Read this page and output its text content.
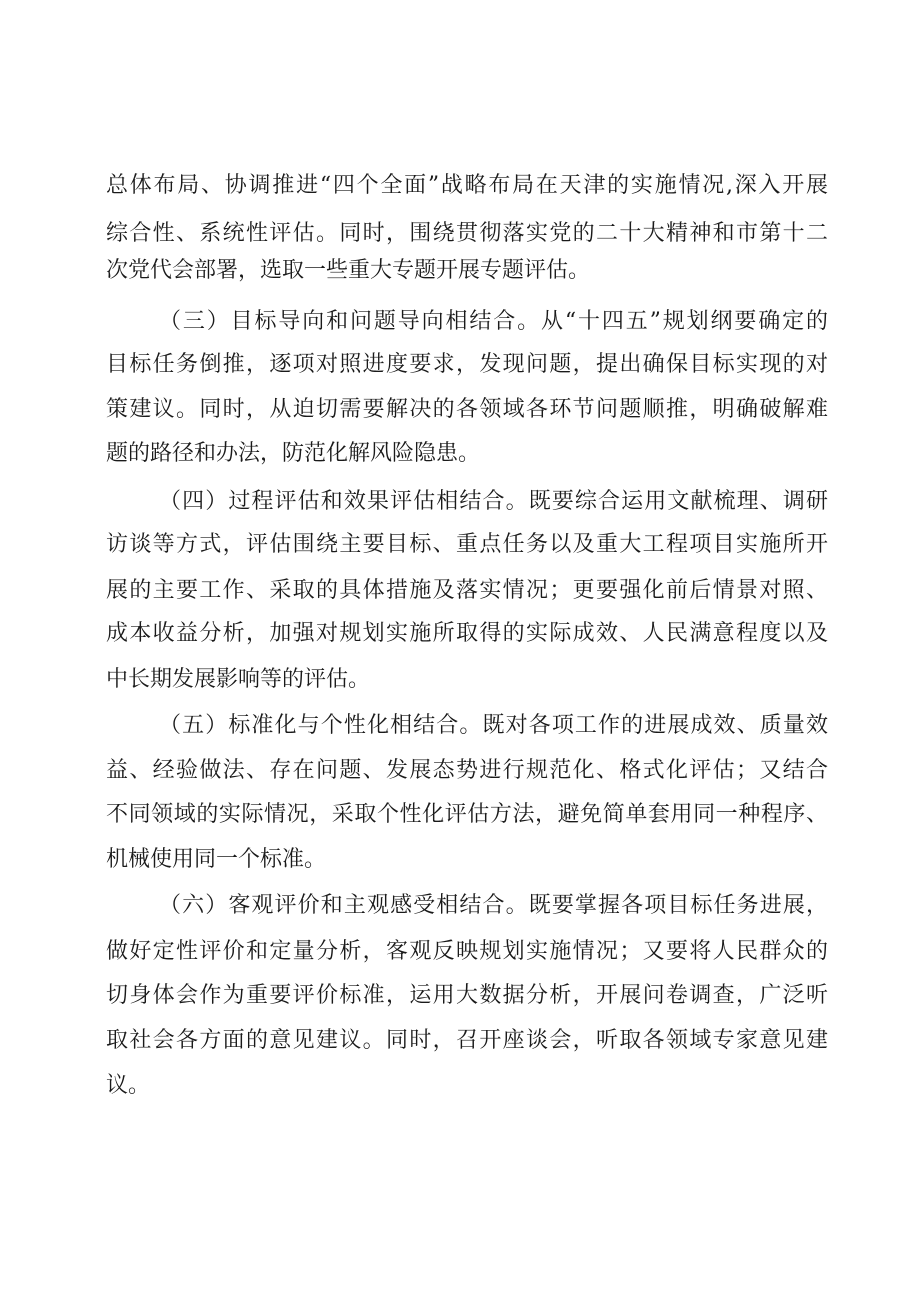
总体布局、协调推进“四个全面”战略布局在天津的实施情况,深入开展

综合性、系统性评估。同时，围绕贯彻落实党的二十大精神和市第十二

次党代会部署，选取一些重大专题开展专题评估。

（三）目标导向和问题导向相结合。从“十四五”规划纲要确定的

目标任务倒推，逐项对照进度要求，发现问题，提出确保目标实现的对

策建议。同时，从迫切需要解决的各领域各环节问题顺推，明确破解难

题的路径和办法，防范化解风险隐患。

（四）过程评估和效果评估相结合。既要综合运用文献梳理、调研

访谈等方式，评估围绕主要目标、重点任务以及重大工程项目实施所开

展的主要工作、采取的具体措施及落实情况；更要强化前后情景对照、

成本收益分析，加强对规划实施所取得的实际成效、人民满意程度以及

中长期发展影响等的评估。

（五）标准化与个性化相结合。既对各项工作的进展成效、质量效

益、经验做法、存在问题、发展态势进行规范化、格式化评估；又结合

不同领域的实际情况，采取个性化评估方法，避免简单套用同一种程序、

机械使用同一个标准。

（六）客观评价和主观感受相结合。既要掌握各项目标任务进展，

做好定性评价和定量分析，客观反映规划实施情况；又要将人民群众的

切身体会作为重要评价标准，运用大数据分析，开展问卷调查，广泛听

取社会各方面的意见建议。同时，召开座谈会，听取各领域专家意见建

议。
